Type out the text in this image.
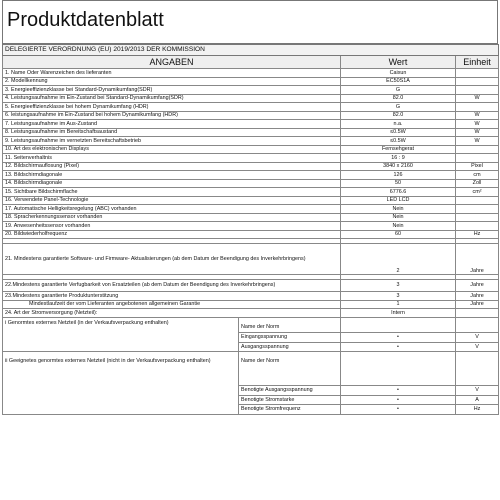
Produktdatenblatt
DELEGIERTE VERORDNUNG (EU) 2019/2013 DER KOMMISSION			
ANGABEN		Wert	Einheit
1. Name Oder Warenzeichen des lieferanten		Caixun	
2. Modellkennung		EC50S1A	
3. Energieeffizienzklasse bei Standard-Dynamikumfang(SDR)		G	
4. Leistungsaufnahme im Ein-Zustand bei Standard-Dynamikumfang(SDR)		82.0	W
5. Energieeffizienzklasse bei hohem Dynamikumfang (HDR)		G	
6. leistungsaufnahme im Ein-Zustand bei hohem Dynamikumfang (HDR)		82.0	W
7. Leistungsaufnahme im Aus-Zustand		n.a.	W
8. Leistungsaufnahme im Bereitschaftsaustand		≤0.5W	W
9. Leistungsaufnahme im vernetzten Bereitschaftsbetrieb		≤0.5W	W
10. Art des elektronischen Displays		Fernsehgerat	
11. Seitenverhaltnis		16 : 9	
12. Bildschirmauflosung (Pixel)		3840 x 2160	Pixel
13. Bildschirmdiagonale		126	cm
14. Bildschirmdiagonale		50	Zoll
15. Sichtbare Bildschirmflache		6776.6	cm²
16. Verwendete Panel-Technologie		LED LCD	
17. Automatische Helligkeitsregelung (ABC) vorhanden		Nein	
18. Spracherkennungssensor vorhanden		Nein	
19. Anwesenheitssensor vorhanden		Nein	
20. Bildwiederholfrequenz		60	Hz

21. Mindestens garantierte Software- und Firmware- Aktualisierungen (ab dem Datum der Beendigung des Inverkehrbringens)		2	Jahre

22.Mindestens garantierte Verfugbarkeit von Ersatzteilen (ab dem Datum der Beendigung des Inverkehrbringens)		3	Jahre
23.Mindestens garantierte Produktunterstitzung		3	Jahre
Mindestlaufzeit der vom Lieferanten angebotenen allgemeinen Garantie		1	Jahre
24. Art der Stromversorgung (Netzteil):		Intern	
i Genormtes externes Netzteil (in der Verkaufsverpackung enthalten)	Name der Norm		

	Eingangsspannung	•	V
	Ausgangsspannung	•	V
ii Geeignetes genormtes externes Netzteil (nicht in der Verkaufsverpackung enthalten)	Name der Norm		
	Benotigte Ausgangsspannung	•	V
	Benotigte Stromstarke	•	A
	Benotigte Stromfrequenz	•	Hz
